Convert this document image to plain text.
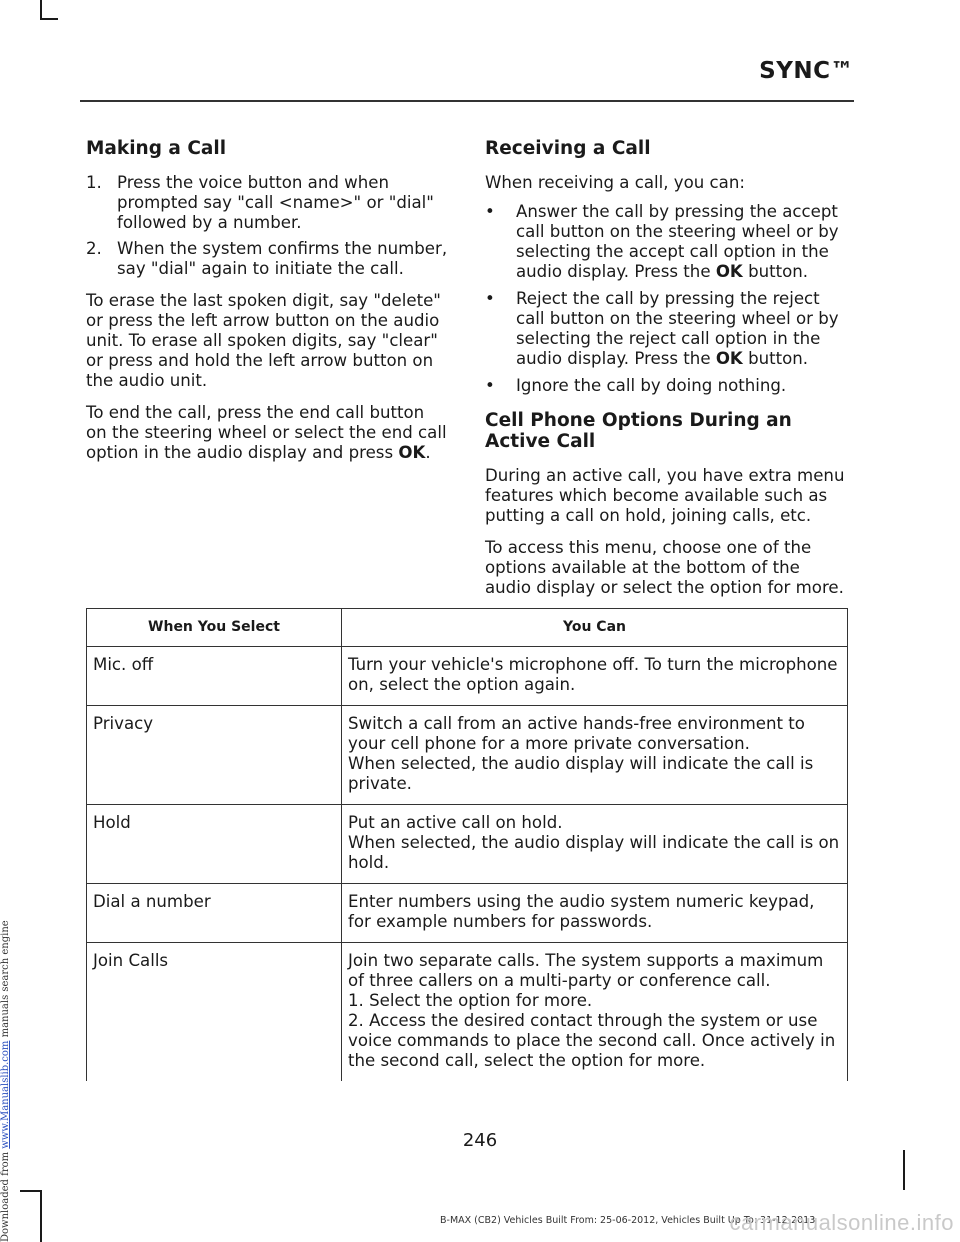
SYNC™
Making a Call
1. Press the voice button and when prompted say "call <name>" or "dial" followed by a number.
2. When the system confirms the number, say "dial" again to initiate the call.

To erase the last spoken digit, say "delete" or press the left arrow button on the audio unit. To erase all spoken digits, say "clear" or press and hold the left arrow button on the audio unit.

To end the call, press the end call button on the steering wheel or select the end call option in the audio display and press OK.

Receiving a Call

When receiving a call, you can:

• Answer the call by pressing the accept call button on the steering wheel or by selecting the accept call option in the audio display. Press the OK button.
• Reject the call by pressing the reject call button on the steering wheel or by selecting the reject call option in the audio display. Press the OK button.
• Ignore the call by doing nothing.
Cell Phone Options During an Active Call

During an active call, you have extra menu features which become available such as putting a call on hold, joining calls, etc.

To access this menu, choose one of the options available at the bottom of the audio display or select the option for more.

When You Select	You Can
Mic. off	Turn your vehicle's microphone off. To turn the microphone on, select the option again.

Privacy	Switch a call from an active hands-free environment to your cell phone for a more private conversation.
When selected, the audio display will indicate the call is private.

Hold	Put an active call on hold.
When selected, the audio display will indicate the call is on hold.

Dial a number	Enter numbers using the audio system numeric keypad, for example numbers for passwords.

Join Calls	Join two separate calls. The system supports a maximum of three callers on a multi-party or conference call.
1. Select the option for more.
2. Access the desired contact through the system or use voice commands to place the second call. Once actively in the second call, select the option for more.
246
B-MAX (CB2) Vehicles Built From: 25-06-2012, Vehicles Built Up To: 31-12-2013
Downloaded from www.Manualslib.com manuals search engine
carmanualsonline.info
